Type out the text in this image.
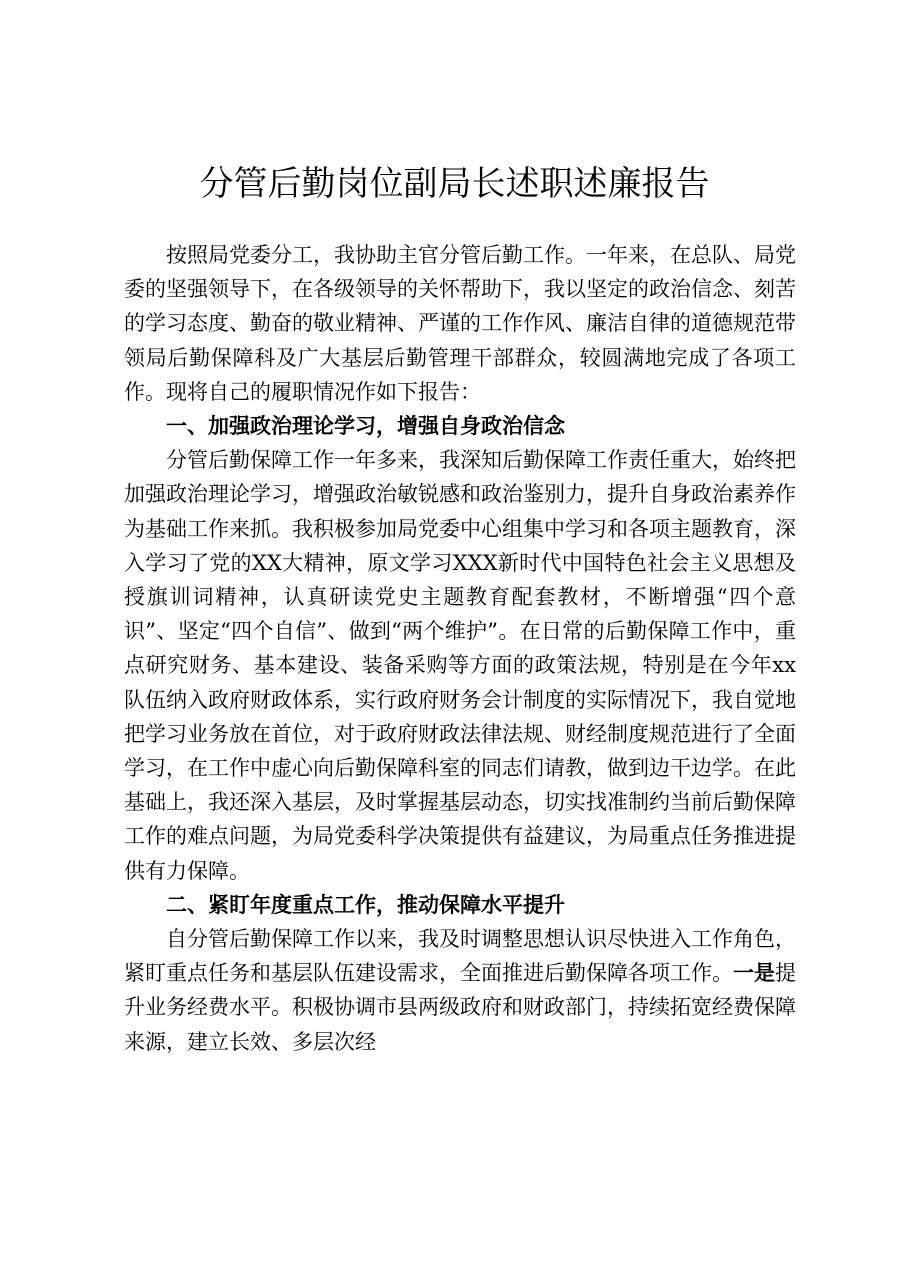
分管后勤岗位副局长述职述廉报告

按照局党委分工，我协助主官分管后勤工作。一年来，在总队、局党委的坚强领导下，在各级领导的关怀帮助下，我以坚定的政治信念、刻苦的学习态度、勤奋的敬业精神、严谨的工作作风、廉洁自律的道德规范带领局后勤保障科及广大基层后勤管理干部群众，较圆满地完成了各项工作。现将自己的履职情况作如下报告：

一、加强政治理论学习，增强自身政治信念

分管后勤保障工作一年多来，我深知后勤保障工作责任重大，始终把加强政治理论学习，增强政治敏锐感和政治鉴别力，提升自身政治素养作为基础工作来抓。我积极参加局党委中心组集中学习和各项主题教育，深入学习了党的XX大精神，原文学习XXX新时代中国特色社会主义思想及授旗训词精神，认真研读党史主题教育配套教材，不断增强“四个意识”、坚定“四个自信”、做到“两个维护”。在日常的后勤保障工作中，重点研究财务、基本建设、装备采购等方面的政策法规，特别是在今年xx队伍纳入政府财政体系，实行政府财务会计制度的实际情况下，我自觉地把学习业务放在首位，对于政府财政法律法规、财经制度规范进行了全面学习，在工作中虚心向后勤保障科室的同志们请教，做到边干边学。在此基础上，我还深入基层，及时掌握基层动态，切实找准制约当前后勤保障工作的难点问题，为局党委科学决策提供有益建议，为局重点任务推进提供有力保障。

二、紧盯年度重点工作，推动保障水平提升

自分管后勤保障工作以来，我及时调整思想认识尽快进入工作角色，紧盯重点任务和基层队伍建设需求，全面推进后勤保障各项工作。一是提升业务经费水平。积极协调市县两级政府和财政部门，持续拓宽经费保障来源，建立长效、多层次经
